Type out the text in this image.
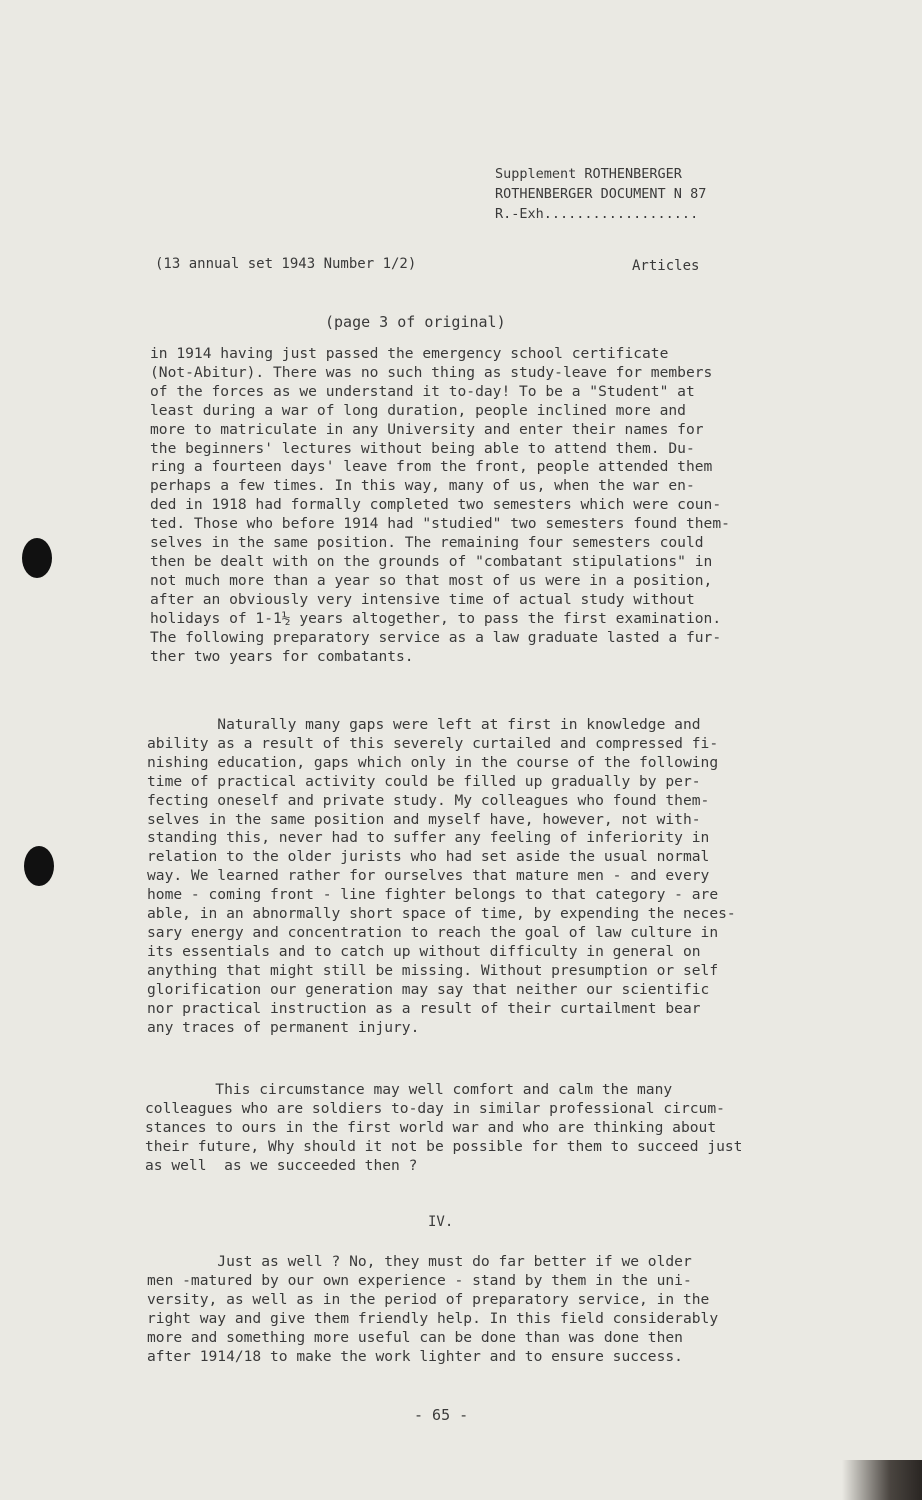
Supplement ROTHENBERGER
ROTHENBERGER DOCUMENT N 87
R.-Exh...................
(13 annual set 1943 Number 1/2)	Articles
(page 3 of original)
in 1914 having just passed the emergency school certificate
(Not-Abitur). There was no such thing as study-leave for members
of the forces as we understand it to-day! To be a "Student" at
least during a war of long duration, people inclined more and
more to matriculate in any University and enter their names for
the beginners' lectures without being able to attend them. Du-
ring a fourteen days' leave from the front, people attended them
perhaps a few times. In this way, many of us, when the war en-
ded in 1918 had formally completed two semesters which were coun-
ted. Those who before 1914 had "studied" two semesters found them-
selves in the same position. The remaining four semesters could
then be dealt with on the grounds of "combatant stipulations" in
not much more than a year so that most of us were in a position,
after an obviously very intensive time of actual study without
holidays of 1-1½ years altogether, to pass the first examination.
The following preparatory service as a law graduate lasted a fur-
ther two years for combatants.
Naturally many gaps were left at first in knowledge and
ability as a result of this severely curtailed and compressed fi-
nishing education, gaps which only in the course of the following
time of practical activity could be filled up gradually by per-
fecting oneself and private study. My colleagues who found them-
selves in the same position and myself have, however, not with-
standing this, never had to suffer any feeling of inferiority in
relation to the older jurists who had set aside the usual normal
way. We learned rather for ourselves that mature men - and every
home - coming front - line fighter belongs to that category - are
able, in an abnormally short space of time, by expending the neces-
sary energy and concentration to reach the goal of law culture in
its essentials and to catch up without difficulty in general on
anything that might still be missing. Without presumption or self
glorification our generation may say that neither our scientific
nor practical instruction as a result of their curtailment bear
any traces of permanent injury.
This circumstance may well comfort and calm the many
colleagues who are soldiers to-day in similar professional circum-
stances to ours in the first world war and who are thinking about
their future, Why should it not be possible for them to succeed just
as well  as we succeeded then ?
IV.
Just as well ? No, they must do far better if we older
men -matured by our own experience - stand by them in the uni-
versity, as well as in the period of preparatory service, in the
right way and give them friendly help. In this field considerably
more and something more useful can be done than was done then
after 1914/18 to make the work lighter and to ensure success.
- 65 -
